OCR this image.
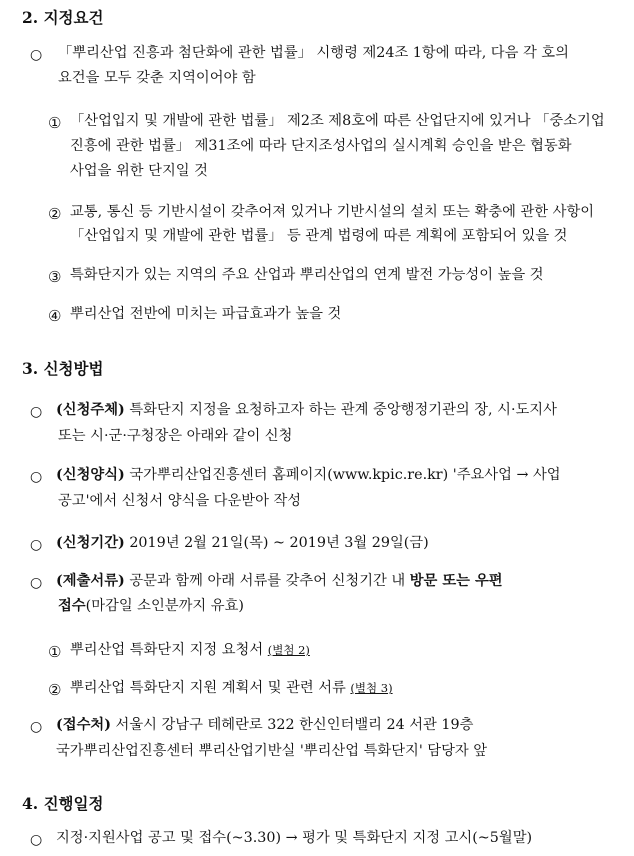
2. 지정요건
○ 「뿌리산업 진흥과 첨단화에 관한 법률」 시행령 제24조 1항에 따라, 다음 각 호의
요건을 모두 갖춘 지역이어야 함
① 「산업입지 및 개발에 관한 법률」 제2조 제8호에 따른 산업단지에 있거나 「중소기업
진흥에 관한 법률」 제31조에 따라 단지조성사업의 실시계획 승인을 받은 협동화
사업을 위한 단지일 것
② 교통, 통신 등 기반시설이 갖추어져 있거나 기반시설의 설치 또는 확충에 관한 사항이
「산업입지 및 개발에 관한 법률」 등 관계 법령에 따른 계획에 포함되어 있을 것
③ 특화단지가 있는 지역의 주요 산업과 뿌리산업의 연계 발전 가능성이 높을 것
④ 뿌리산업 전반에 미치는 파급효과가 높을 것
3. 신청방법
○ (신청주체) 특화단지 지정을 요청하고자 하는 관계 중앙행정기관의 장, 시·도지사
또는 시·군·구청장은 아래와 같이 신청
○ (신청양식) 국가뿌리산업진흥센터 홈페이지(www.kpic.re.kr) '주요사업 → 사업
공고'에서 신청서 양식을 다운받아 작성
○ (신청기간) 2019년 2월 21일(목) ~ 2019년 3월 29일(금)
○ (제출서류) 공문과 함께 아래 서류를 갖추어 신청기간 내 방문 또는 우편
접수(마감일 소인분까지 유효)
① 뿌리산업 특화단지 지정 요청서 (별첨 2)
② 뿌리산업 특화단지 지원 계획서 및 관련 서류 (별첨 3)
○ (접수처) 서울시 강남구 테헤란로 322 한신인터밸리 24 서관 19층
국가뿌리산업진흥센터 뿌리산업기반실 '뿌리산업 특화단지' 담당자 앞
4. 진행일정
○ 지정·지원사업 공고 및 접수(~3.30) → 평가 및 특화단지 지정 고시(~5월말)
